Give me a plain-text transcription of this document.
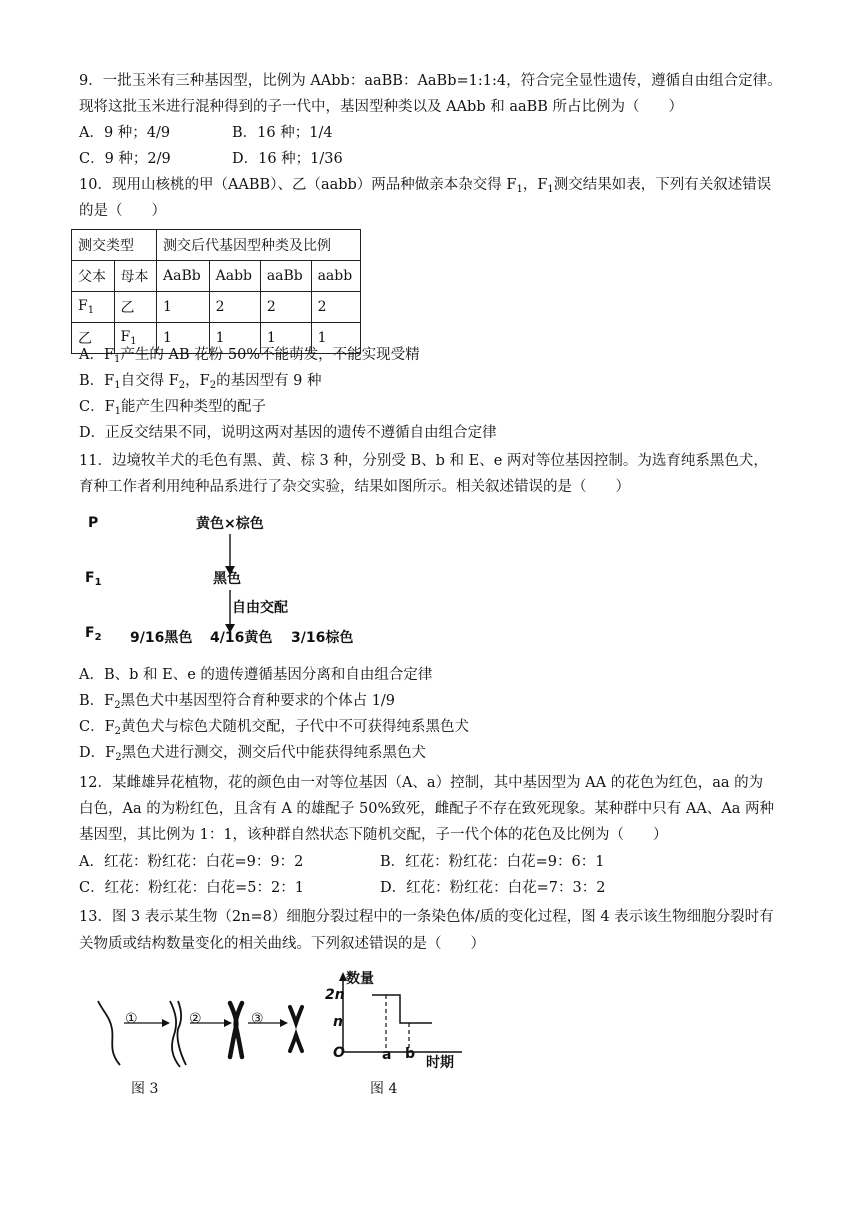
9．一批玉米有三种基因型，比例为 AAbb：aaBB：AaBb=1:1:4，符合完全显性遗传，遵循自由组合定律。
现将这批玉米进行混种得到的子一代中，基因型种类以及 AAbb 和 aaBB 所占比例为（　　）
A．9 种；4/9	B．16 种；1/4
C．9 种；2/9	D．16 种；1/36
10．现用山核桃的甲（AABB）、乙（aabb）两品种做亲本杂交得 $F_1$，$F_1$测交结果如表，下列有关叙述错误
的是（　　）
测交类型		测交后代基因型种类及比例			
父本	母本	AaBb	Aabb	aaBb	aabb
$F_1$	乙	1	2	2	2
乙	$F_1$	1	1	1	1
A．$F_1$产生的 AB 花粉 50%不能萌发，不能实现受精
B．$F_1$自交得 $F_2$，$F_2$的基因型有 9 种
C．$F_1$能产生四种类型的配子
D．正反交结果不同，说明这两对基因的遗传不遵循自由组合定律
11．边境牧羊犬的毛色有黑、黄、棕 3 种，分别受 B、b 和 E、e 两对等位基因控制。为选育纯系黑色犬，
育种工作者利用纯种品系进行了杂交实验，结果如图所示。相关叙述错误的是（　　）
P	黄色×棕色
$F_1$	黑色
自由交配
$F_2$ 9/16黑色 4/16黄色 3/16棕色
A．B、b 和 E、e 的遗传遵循基因分离和自由组合定律
B．$F_2$黑色犬中基因型符合育种要求的个体占 1/9
C．$F_2$黄色犬与棕色犬随机交配，子代中不可获得纯系黑色犬
D．$F_2$黑色犬进行测交，测交后代中能获得纯系黑色犬
12．某雌雄异花植物，花的颜色由一对等位基因（A、a）控制，其中基因型为 AA 的花色为红色，aa 的为
白色，Aa 的为粉红色，且含有 A 的雄配子 50%致死，雌配子不存在致死现象。某种群中只有 AA、Aa 两种
基因型，其比例为 1：1，该种群自然状态下随机交配，子一代个体的花色及比例为（　　）
A．红花：粉红花：白花=9：9：2	B．红花：粉红花：白花=9：6：1
C．红花：粉红花：白花=5：2：1	D．红花：粉红花：白花=7：3：2
13．图 3 表示某生物（2n=8）细胞分裂过程中的一条染色体/质的变化过程，图 4 表示该生物细胞分裂时有
关物质或结构数量变化的相关曲线。下列叙述错误的是（　　）
①	②	③
图 3
数量
2n
n
O	a b
时期
图 4
